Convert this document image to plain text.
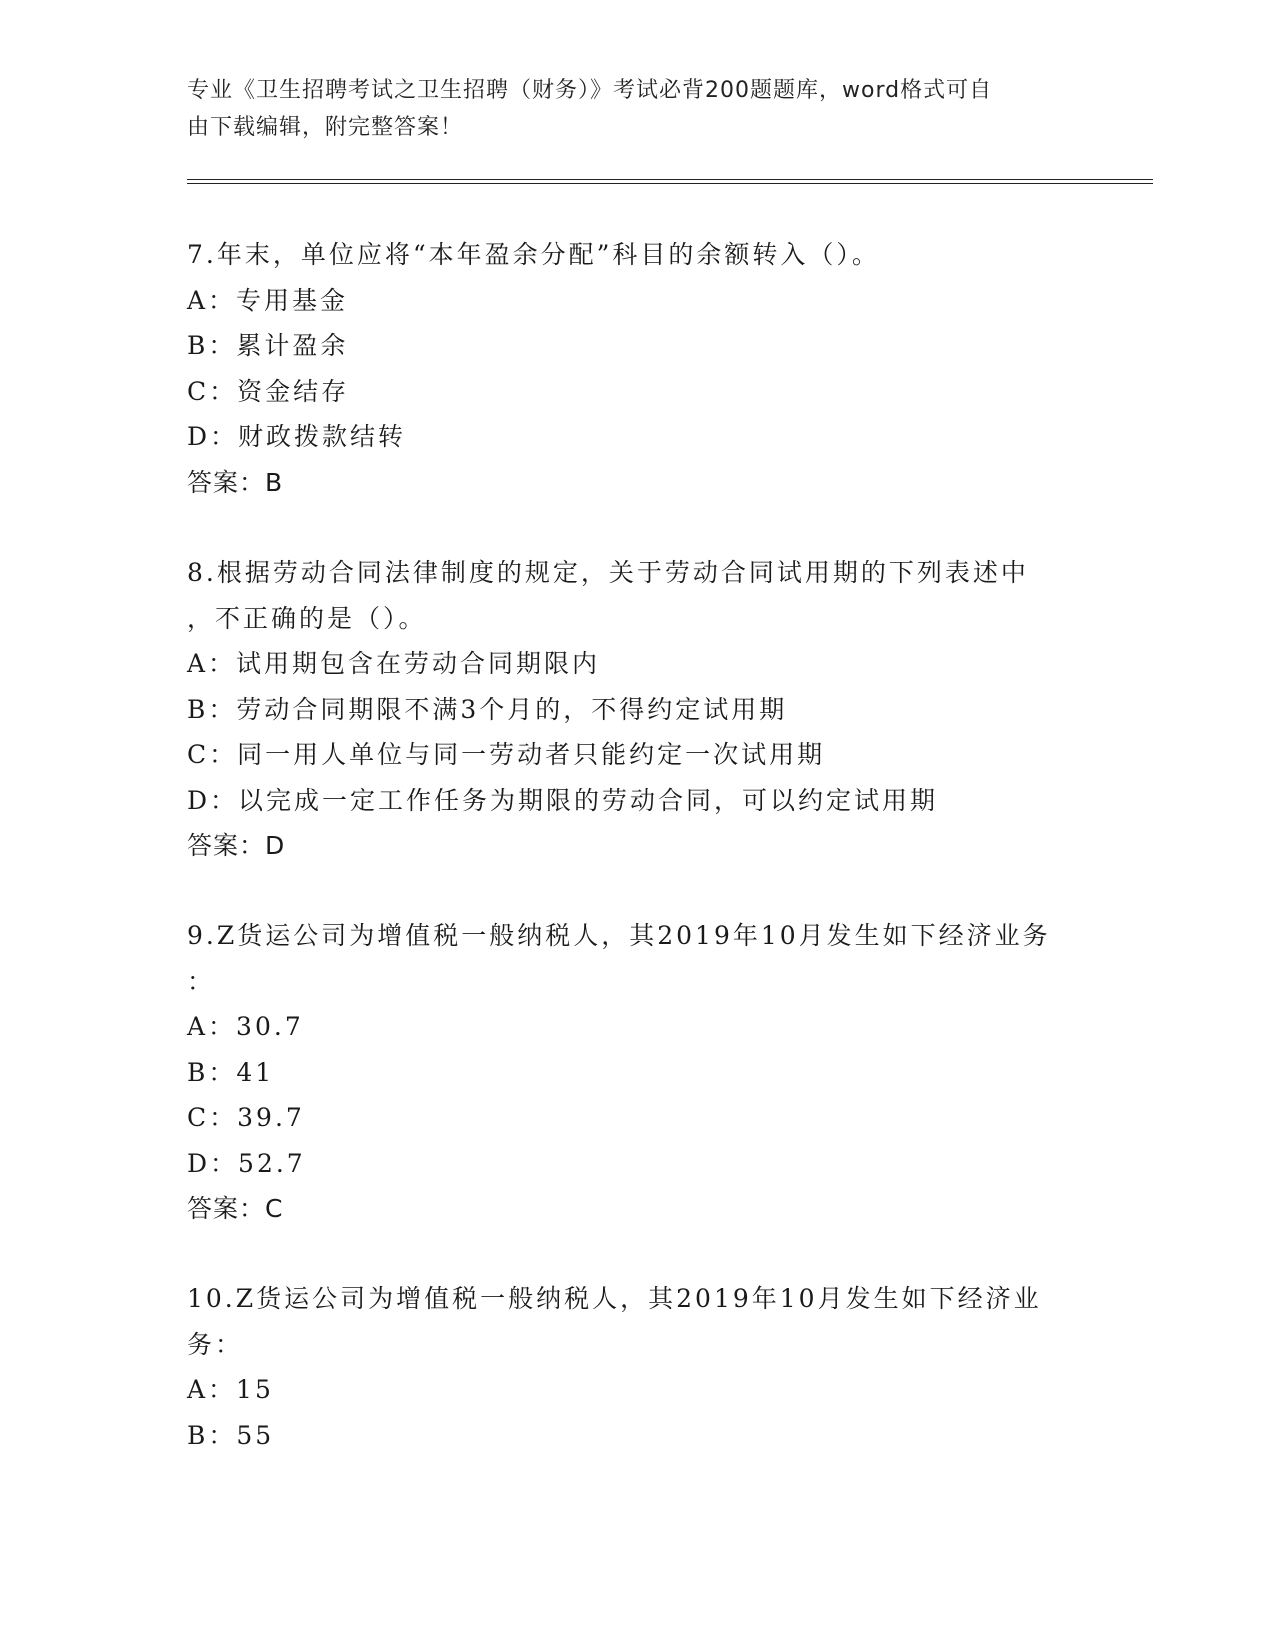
专业《卫生招聘考试之卫生招聘（财务）》考试必背200题题库，word格式可自
由下载编辑，附完整答案！
7.年末，单位应将“本年盈余分配”科目的余额转入（）。
A：专用基金
B：累计盈余
C：资金结存
D：财政拨款结转
答案：B
8.根据劳动合同法律制度的规定，关于劳动合同试用期的下列表述中
，不正确的是（）。
A：试用期包含在劳动合同期限内
B：劳动合同期限不满3个月的，不得约定试用期
C：同一用人单位与同一劳动者只能约定一次试用期
D：以完成一定工作任务为期限的劳动合同，可以约定试用期
答案：D
9.Z货运公司为增值税一般纳税人，其2019年10月发生如下经济业务
：
A：30.7
B：41
C：39.7
D：52.7
答案：C
10.Z货运公司为增值税一般纳税人，其2019年10月发生如下经济业
务：
A：15
B：55
